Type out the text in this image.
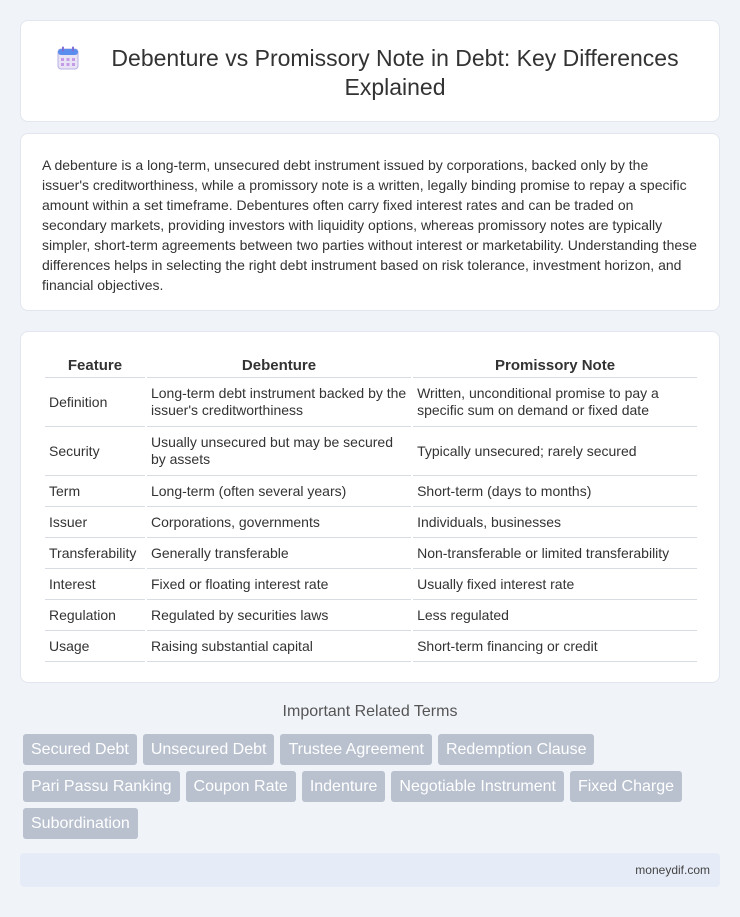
Debenture vs Promissory Note in Debt: Key Differences Explained

A debenture is a long-term, unsecured debt instrument issued by corporations, backed only by the issuer's creditworthiness, while a promissory note is a written, legally binding promise to repay a specific amount within a set timeframe. Debentures often carry fixed interest rates and can be traded on secondary markets, providing investors with liquidity options, whereas promissory notes are typically simpler, short-term agreements between two parties without interest or marketability. Understanding these differences helps in selecting the right debt instrument based on risk tolerance, investment horizon, and financial objectives.

Feature	Debenture	Promissory Note
Definition	Long-term debt instrument backed by the issuer's creditworthiness	Written, unconditional promise to pay a specific sum on demand or fixed date
Security	Usually unsecured but may be secured by assets	Typically unsecured; rarely secured
Term	Long-term (often several years)	Short-term (days to months)
Issuer	Corporations, governments	Individuals, businesses
Transferability	Generally transferable	Non-transferable or limited transferability
Interest	Fixed or floating interest rate	Usually fixed interest rate
Regulation	Regulated by securities laws	Less regulated
Usage	Raising substantial capital	Short-term financing or credit
Important Related Terms
Secured Debt	Unsecured Debt	Trustee Agreement	Redemption Clause
Pari Passu Ranking	Coupon Rate	Indenture	Negotiable Instrument	Fixed Charge
Subordination
moneydif.com
